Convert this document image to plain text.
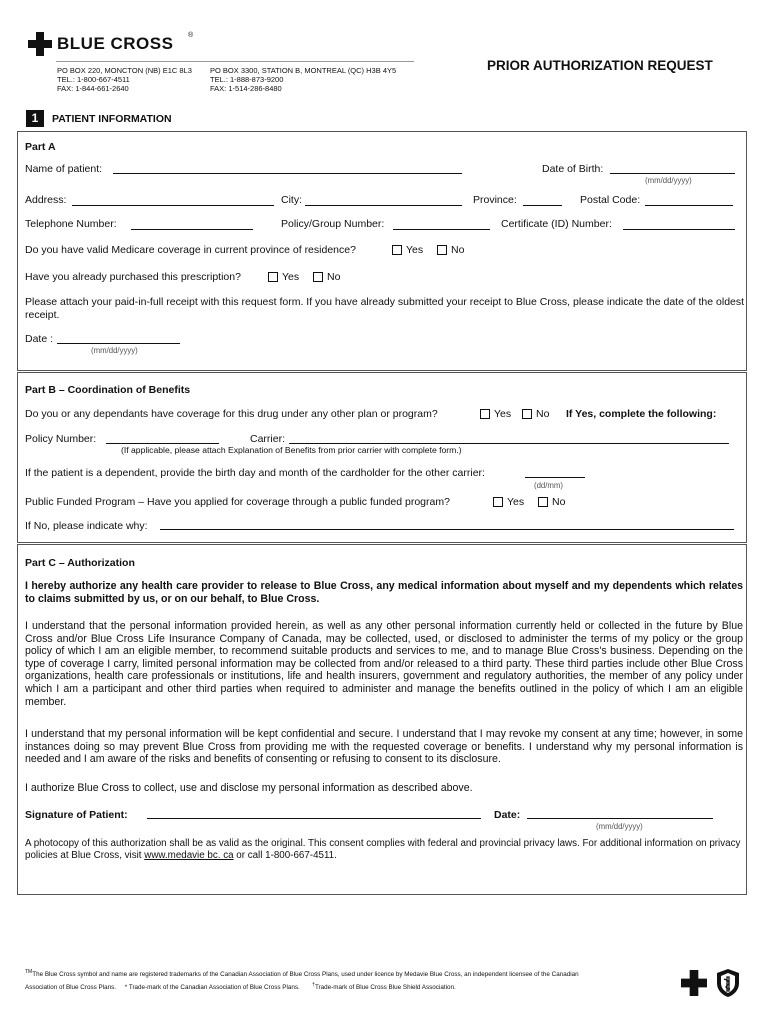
BLUE CROSS ®
PO BOX 220, MONCTON (NB) E1C 8L3
TEL.: 1-800-667-4511
FAX: 1-844-661-2640
PO BOX 3300, STATION B, MONTREAL (QC) H3B 4Y5
TEL.: 1-888-873-9200
FAX: 1-514-286-8480
PRIOR AUTHORIZATION REQUEST
1	PATIENT INFORMATION
Part A
Name of patient:	Date of Birth:
(mm/dd/yyyy)
Address:	City:	Province:	Postal Code:
Telephone Number:	Policy/Group Number:	Certificate (ID) Number:
Do you have valid Medicare coverage in current province of residence?	Yes	No
Have you already purchased this prescription?	Yes	No
Please attach your paid-in-full receipt with this request form. If you have already submitted your receipt to Blue Cross, please indicate the date of the oldest receipt.
Date :
(mm/dd/yyyy)
Part B – Coordination of Benefits
Do you or any dependants have coverage for this drug under any other plan or program?	Yes No If Yes, complete the following:
Policy Number:	Carrier:
(If applicable, please attach Explanation of Benefits from prior carrier with complete form.)
If the patient is a dependent, provide the birth day and month of the cardholder for the other carrier:
(dd/mm)
Public Funded Program – Have you applied for coverage through a public funded program?	Yes	No
If No, please indicate why:
Part C – Authorization
I hereby authorize any health care provider to release to Blue Cross, any medical information about myself and my dependents which relates to claims submitted by us, or on our behalf, to Blue Cross.
I understand that the personal information provided herein, as well as any other personal information currently held or collected in the future by Blue Cross and/or Blue Cross Life Insurance Company of Canada, may be collected, used, or disclosed to administer the terms of my policy or the group policy of which I am an eligible member, to recommend suitable products and services to me, and to manage Blue Cross's business. Depending on the type of coverage I carry, limited personal information may be collected from and/or released to a third party. These third parties include other Blue Cross organizations, health care professionals or institutions, life and health insurers, government and regulatory authorities, the member of any policy under which I am a participant and other third parties when required to administer and manage the benefits outlined in the policy of which I am an eligible member.
I understand that my personal information will be kept confidential and secure. I understand that I may revoke my consent at any time; however, in some instances doing so may prevent Blue Cross from providing me with the requested coverage or benefits. I understand why my personal information is needed and I am aware of the risks and benefits of consenting or refusing to consent to its disclosure.
I authorize Blue Cross to collect, use and disclose my personal information as described above.
Signature of Patient:	Date:
(mm/dd/yyyy)
A photocopy of this authorization shall be as valid as the original. This consent complies with federal and provincial privacy laws. For additional information on privacy policies at Blue Cross, visit www.medavie bc. ca or call 1-800-667-4511.
™The Blue Cross symbol and name are registered trademarks of the Canadian Association of Blue Cross Plans, used under licence by Medavie Blue Cross, an independent licensee of the Canadian
Association of Blue Cross Plans. * Trade-mark of the Canadian Association of Blue Cross Plans. †Trade-mark of Blue Cross Blue Shield Association.
